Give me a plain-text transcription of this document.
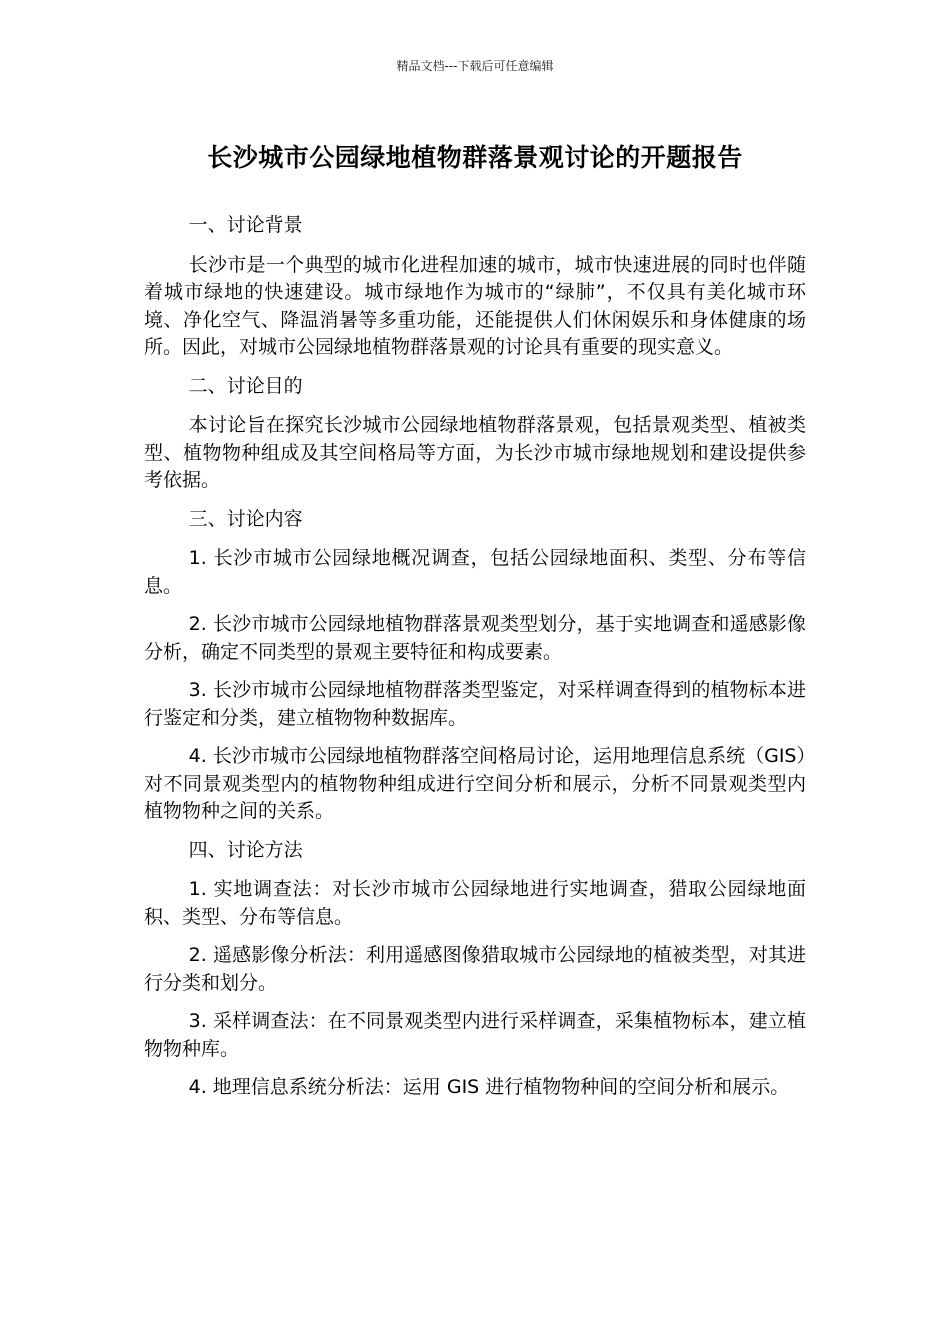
精品文档---下载后可任意编辑
长沙城市公园绿地植物群落景观讨论的开题报告

一、讨论背景

长沙市是一个典型的城市化进程加速的城市，城市快速进展的同时也伴随着城市绿地的快速建设。城市绿地作为城市的“绿肺”，不仅具有美化城市环境、净化空气、降温消暑等多重功能，还能提供人们休闲娱乐和身体健康的场所。因此，对城市公园绿地植物群落景观的讨论具有重要的现实意义。

二、讨论目的

本讨论旨在探究长沙城市公园绿地植物群落景观，包括景观类型、植被类型、植物物种组成及其空间格局等方面，为长沙市城市绿地规划和建设提供参考依据。

三、讨论内容

1. 长沙市城市公园绿地概况调查，包括公园绿地面积、类型、分布等信息。

2. 长沙市城市公园绿地植物群落景观类型划分，基于实地调查和遥感影像分析，确定不同类型的景观主要特征和构成要素。

3. 长沙市城市公园绿地植物群落类型鉴定，对采样调查得到的植物标本进行鉴定和分类，建立植物物种数据库。

4. 长沙市城市公园绿地植物群落空间格局讨论，运用地理信息系统（GIS）对不同景观类型内的植物物种组成进行空间分析和展示，分析不同景观类型内植物物种之间的关系。

四、讨论方法

1. 实地调查法：对长沙市城市公园绿地进行实地调查，猎取公园绿地面积、类型、分布等信息。

2. 遥感影像分析法：利用遥感图像猎取城市公园绿地的植被类型，对其进行分类和划分。

3. 采样调查法：在不同景观类型内进行采样调查，采集植物标本，建立植物物种库。

4. 地理信息系统分析法：运用 GIS 进行植物物种间的空间分析和展示。
